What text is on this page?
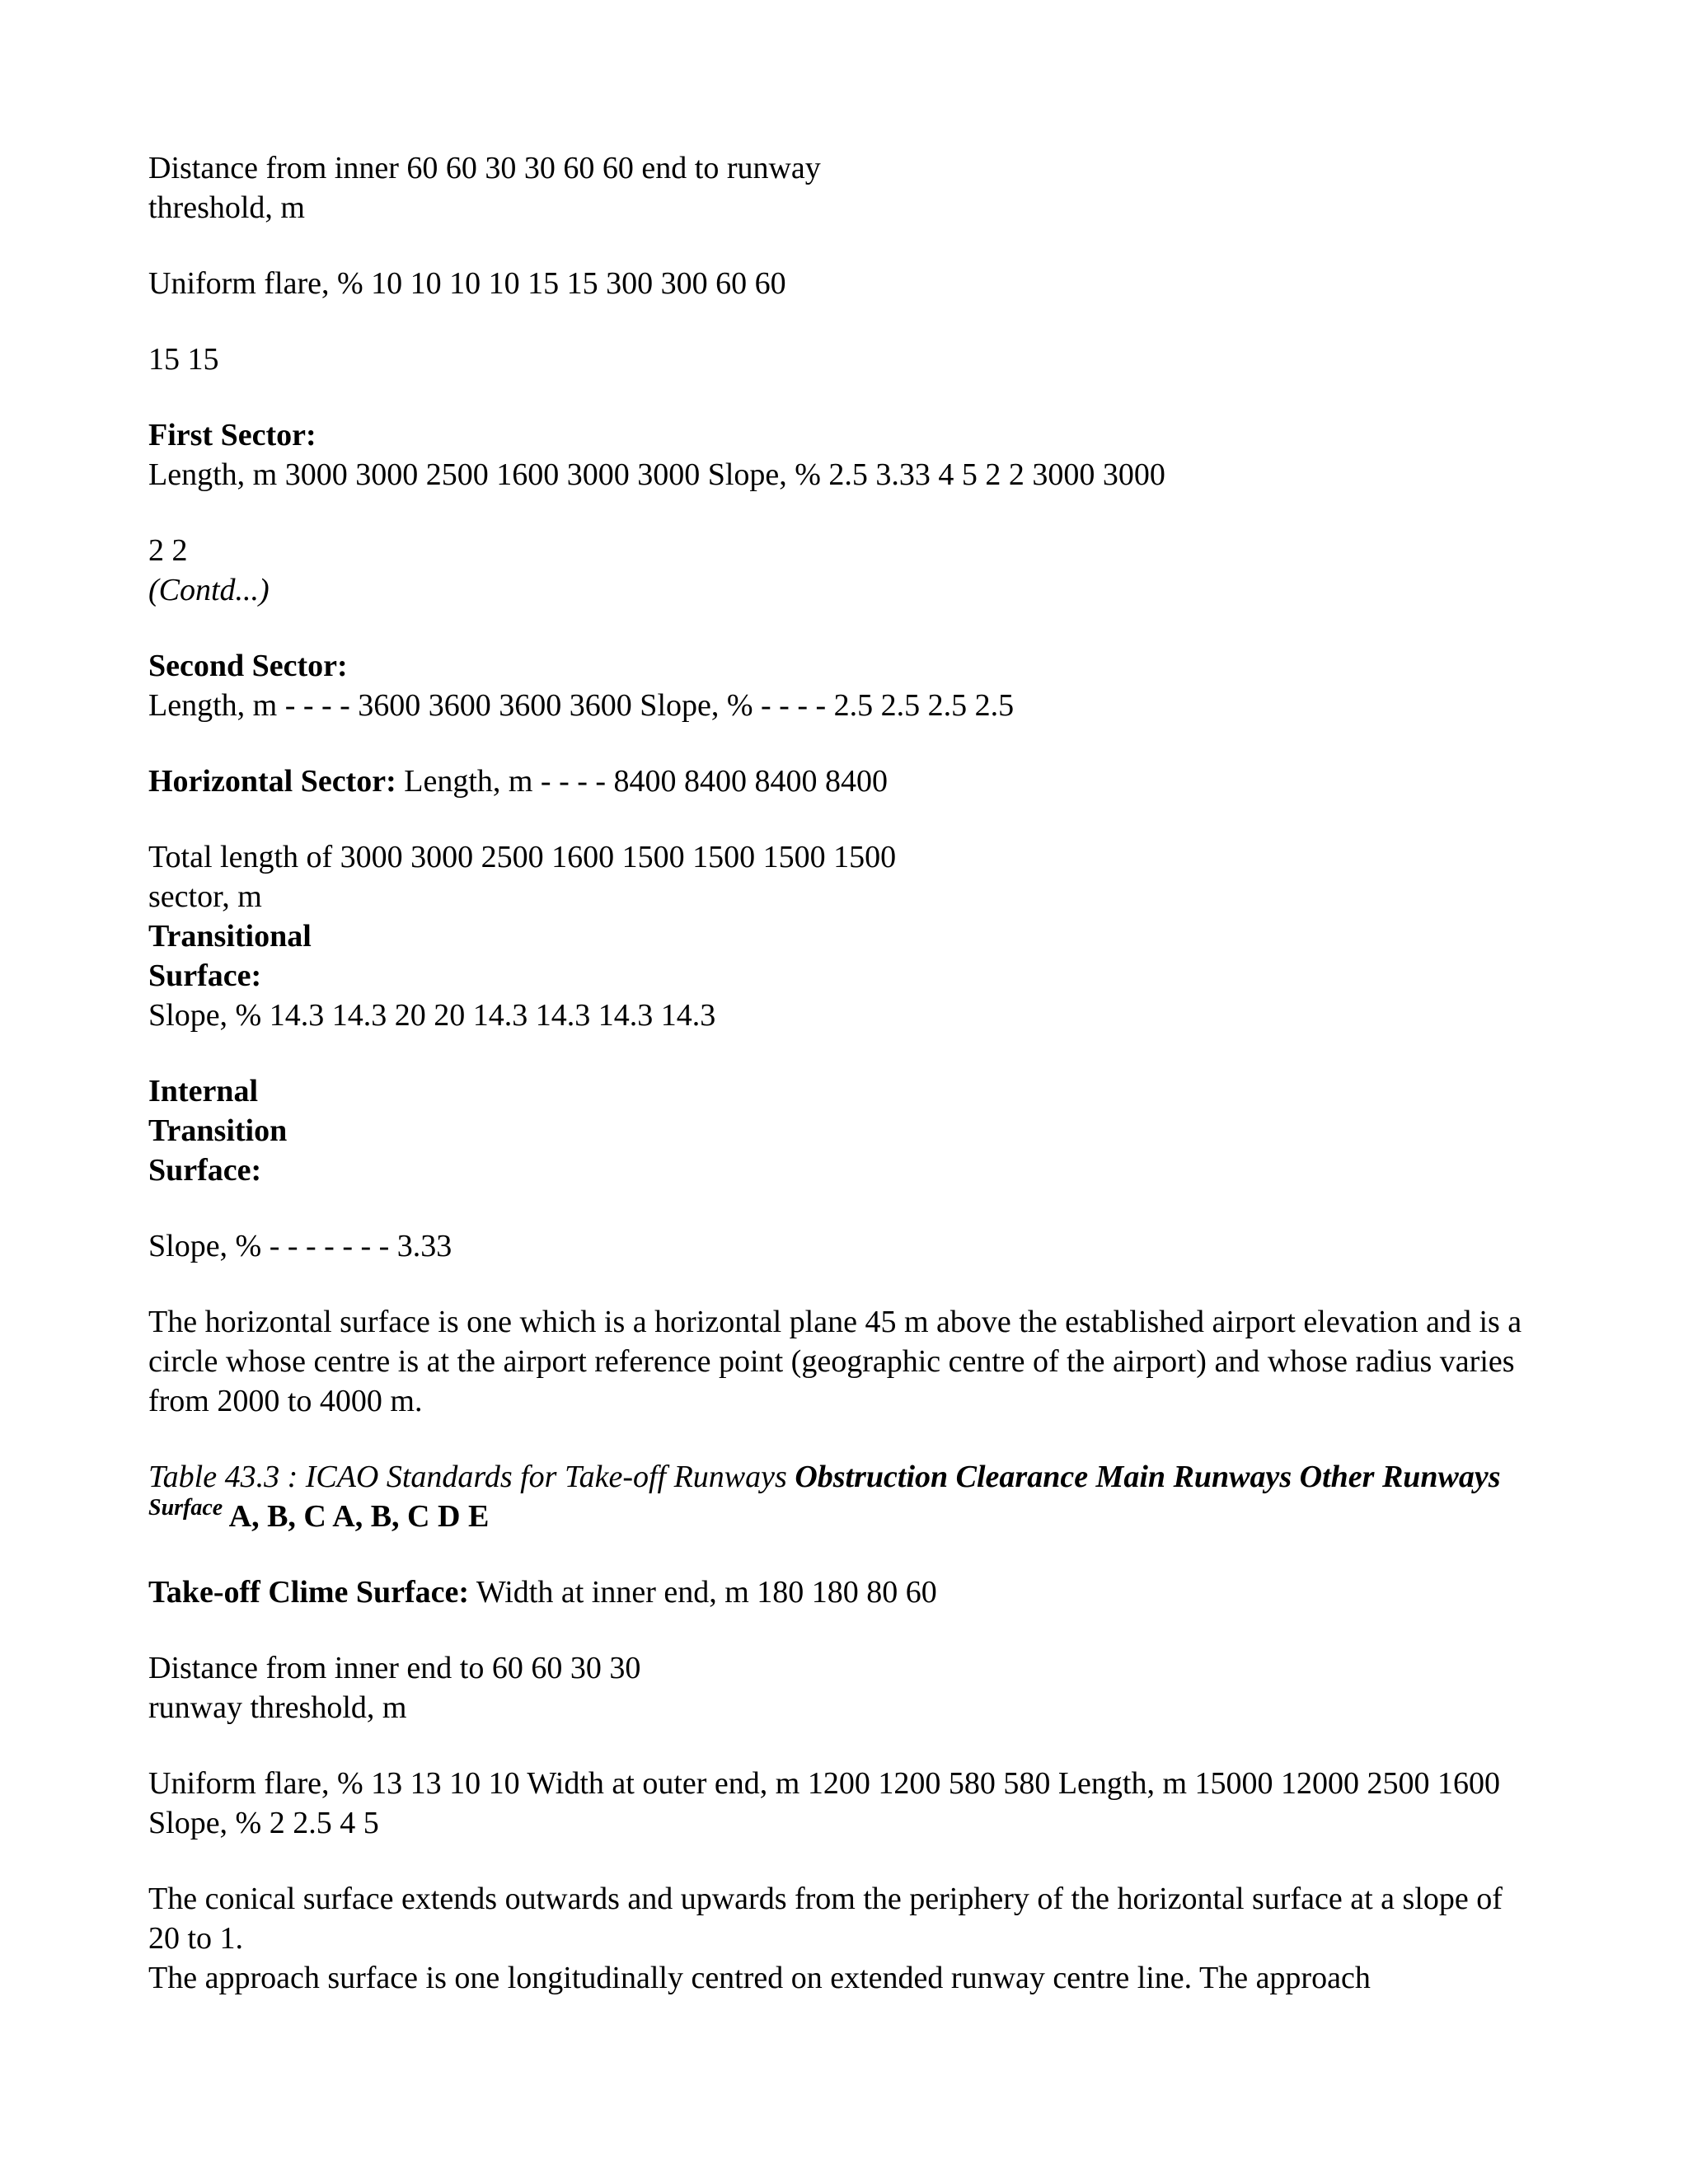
Distance from inner 60 60 30 30 60 60 end to runway
threshold, m

Uniform flare, % 10 10 10 10 15 15 300 300 60 60

15 15

First Sector:
Length, m 3000 3000 2500 1600 3000 3000 Slope, % 2.5 3.33 4 5 2 2 3000 3000

2 2
(Contd...)

Second Sector:
Length, m - - - - 3600 3600 3600 3600 Slope, % - - - - 2.5 2.5 2.5 2.5

Horizontal Sector: Length, m - - - - 8400 8400 8400 8400

Total length of 3000 3000 2500 1600 1500 1500 1500 1500
sector, m
Transitional
Surface:
Slope, % 14.3 14.3 20 20 14.3 14.3 14.3 14.3

Internal
Transition
Surface:

Slope, % - - - - - - - 3.33

The horizontal surface is one which is a horizontal plane 45 m above the established airport elevation and is a circle whose centre is at the airport reference point (geographic centre of the airport) and whose radius varies from 2000 to 4000 m.

Table 43.3 : ICAO Standards for Take-off Runways Obstruction Clearance Main Runways Other Runways $^{Surface}$ A, B, C A, B, C D E

Take-off Clime Surface: Width at inner end, m 180 180 80 60

Distance from inner end to 60 60 30 30
runway threshold, m

Uniform flare, % 13 13 10 10 Width at outer end, m 1200 1200 580 580 Length, m 15000 12000 2500 1600 Slope, % 2 2.5 4 5

The conical surface extends outwards and upwards from the periphery of the horizontal surface at a slope of 20 to 1.
The approach surface is one longitudinally centred on extended runway centre line. The approach
